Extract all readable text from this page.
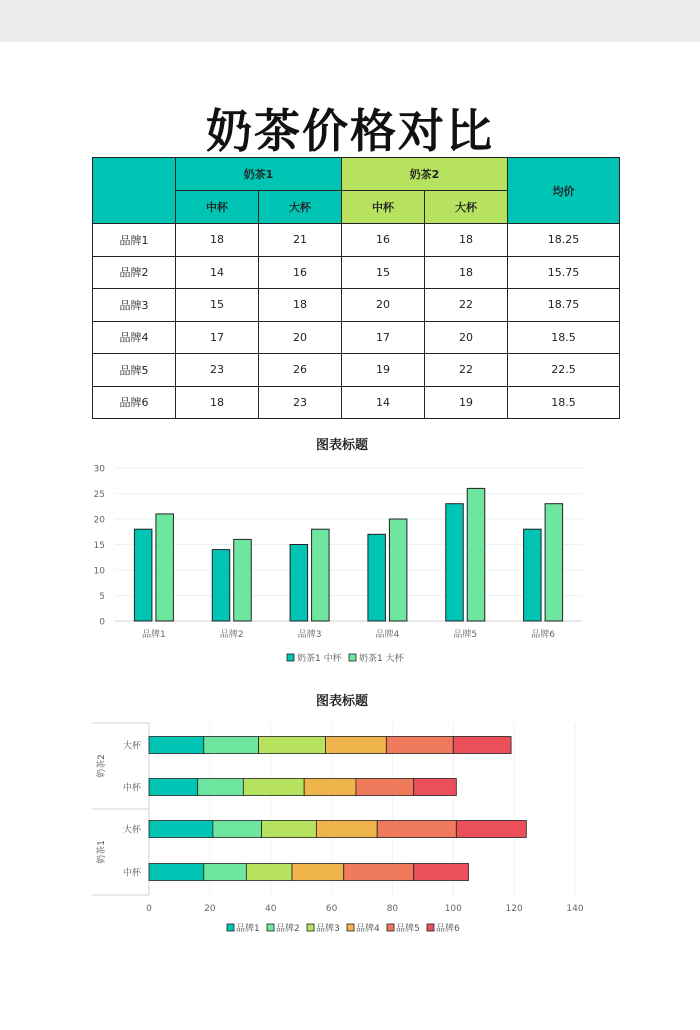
奶茶价格对比
	奶茶1		奶茶2		均价
	中杯	大杯	中杯	大杯	
品牌1	18	21	16	18	18.25
品牌2	14	16	15	18	15.75
品牌3	15	18	20	22	18.75
品牌4	17	20	17	20	18.5
品牌5	23	26	19	22	22.5
品牌6	18	23	14	19	18.5
图表标题
0
5
10
15
20
25
30
品牌1	品牌2	品牌3	品牌4	品牌5	品牌6
奶茶1 中杯 奶茶1 大杯
图表标题
0	20	40	60	80	100	120	140
奶茶2
大杯
中杯
奶茶1
大杯
中杯
品牌1 品牌2 品牌3 品牌4 品牌5 品牌6
